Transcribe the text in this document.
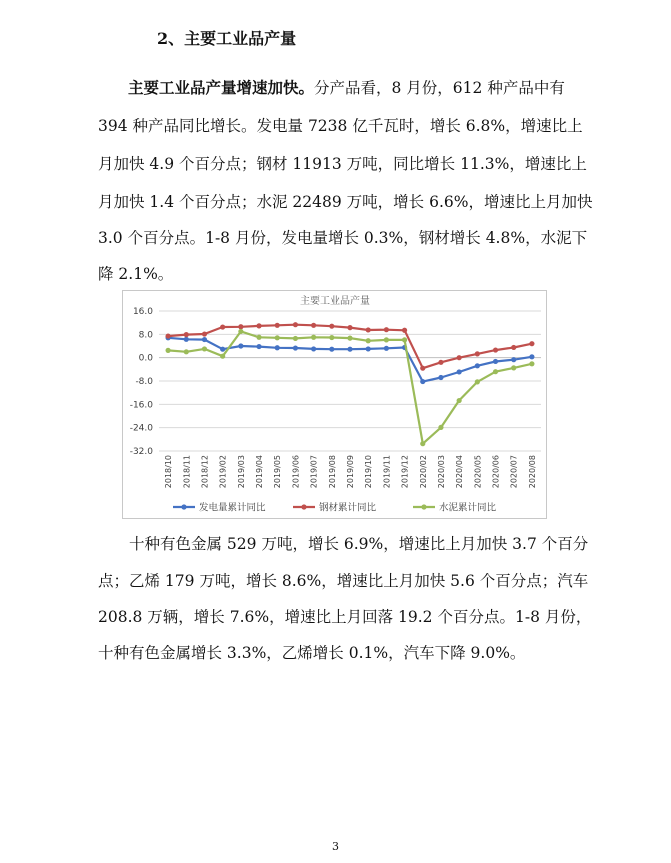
2、主要工业品产量
主要工业品产量增速加快。分产品看，8 月份，612 种产品中有
394 种产品同比增长。发电量 7238 亿千瓦时，增长 6.8%，增速比上
月加快 4.9 个百分点；钢材 11913 万吨，同比增长 11.3%，增速比上
月加快 1.4 个百分点；水泥 22489 万吨，增长 6.6%，增速比上月加快
3.0 个百分点。1-8 月份，发电量增长 0.3%，钢材增长 4.8%，水泥下
降 2.1%。
主要工业品产量
16.0
8.0
0.0
-8.0
-16.0
-24.0
-32.0
2018/10 2018/11 2018/12 2019/02 2019/03 2019/04 2019/05 2019/06 2019/07 2019/08 2019/09 2019/10 2019/11 2019/12 2020/02 2020/03 2020/04 2020/05 2020/06 2020/07 2020/08
发电量累计同比	钢材累计同比	水泥累计同比
十种有色金属 529 万吨，增长 6.9%，增速比上月加快 3.7 个百分
点；乙烯 179 万吨，增长 8.6%，增速比上月加快 5.6 个百分点；汽车
208.8 万辆，增长 7.6%，增速比上月回落 19.2 个百分点。1-8 月份，
十种有色金属增长 3.3%，乙烯增长 0.1%，汽车下降 9.0%。
3
